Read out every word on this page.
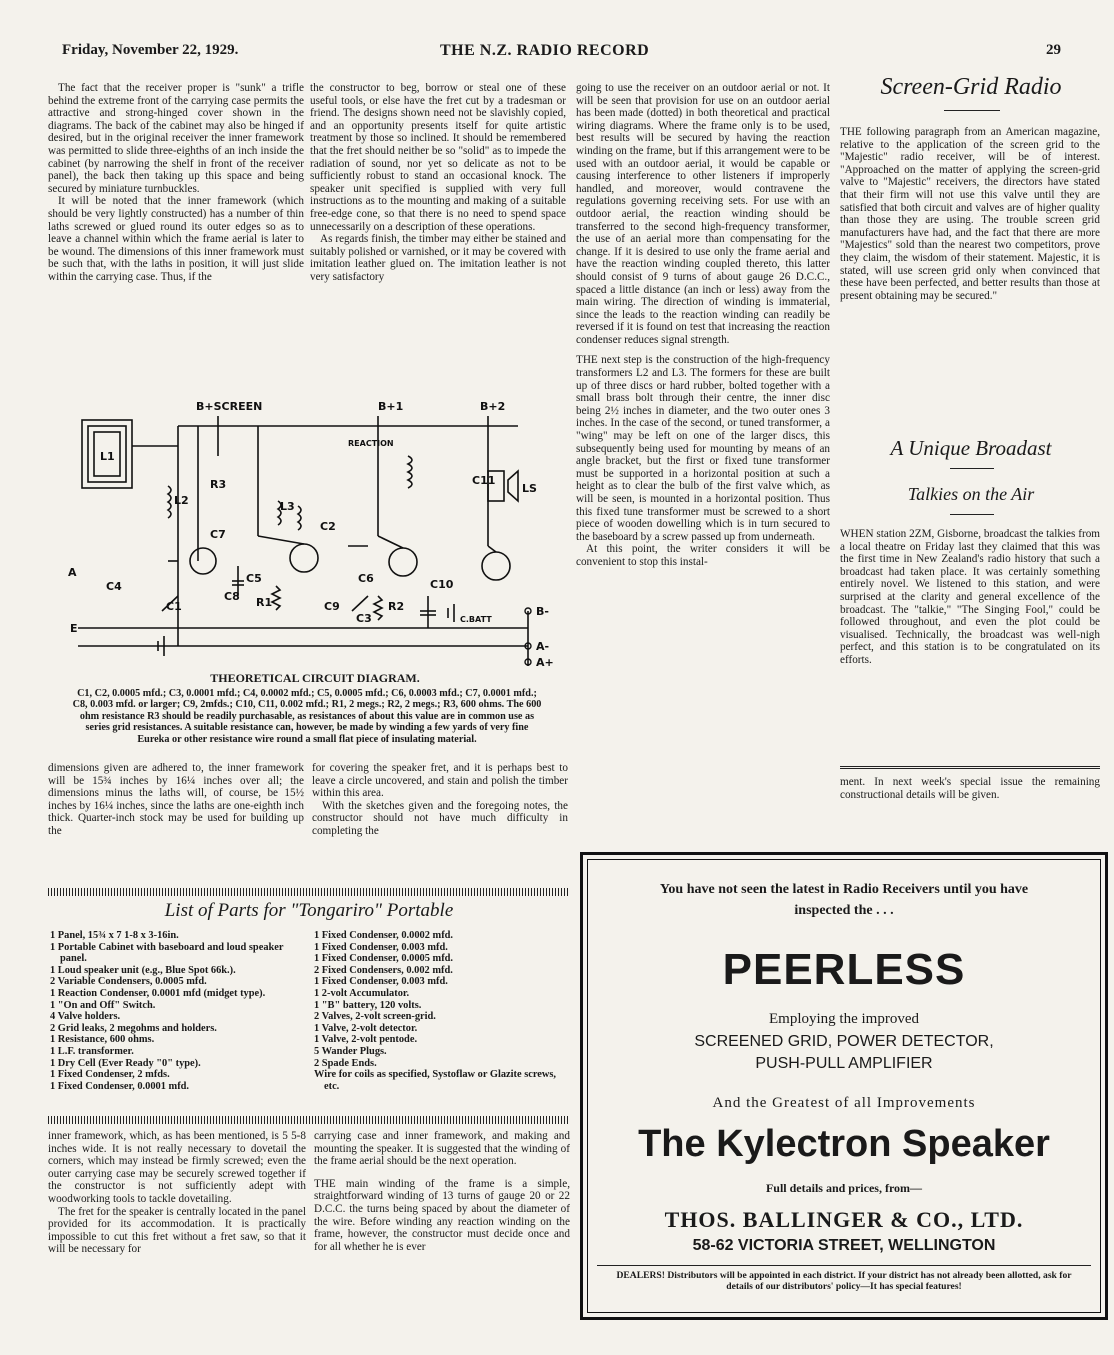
Friday, November 22, 1929.	THE N.Z. RADIO RECORD	29

The fact that the receiver proper is "sunk" a trifle behind the extreme front of the carrying case permits the attractive and strong-hinged cover shown in the diagrams. The back of the cabinet may also be hinged if desired, but in the original receiver the inner framework was permitted to slide three-eighths of an inch inside the cabinet (by narrowing the shelf in front of the receiver panel), the back then taking up this space and being secured by miniature turnbuckles.

It will be noted that the inner framework (which should be very lightly constructed) has a number of thin laths screwed or glued round its outer edges so as to leave a channel within which the frame aerial is later to be wound. The dimensions of this inner framework must be such that, with the laths in position, it will just slide within the carrying case. Thus, if the

the constructor to beg, borrow or steal one of these useful tools, or else have the fret cut by a tradesman or friend. The designs shown need not be slavishly copied, and an opportunity presents itself for quite artistic treatment by those so inclined. It should be remembered that the fret should neither be so "solid" as to impede the radiation of sound, nor yet so delicate as not to be sufficiently robust to stand an occasional knock. The speaker unit specified is supplied with very full instructions as to the mounting and making of a suitable free-edge cone, so that there is no need to spend space unnecessarily on a description of these operations.

As regards finish, the timber may either be stained and suitably polished or varnished, or it may be covered with imitation leather glued on. The imitation leather is not very satisfactory

going to use the receiver on an outdoor aerial or not. It will be seen that provision for use on an outdoor aerial has been made (dotted) in both theoretical and practical wiring diagrams. Where the frame only is to be used, best results will be secured by having the reaction winding on the frame, but if this arrangement were to be used with an outdoor aerial, it would be capable or causing interference to other listeners if improperly handled, and moreover, would contravene the regulations governing receiving sets. For use with an outdoor aerial, the reaction winding should be transferred to the second high-frequency transformer, the use of an aerial more than compensating for the change. If it is desired to use only the frame aerial and have the reaction winding coupled thereto, this latter should consist of 9 turns of about gauge 26 D.C.C., spaced a little distance (an inch or less) away from the main wiring. The direction of winding is immaterial, since the leads to the reaction winding can readily be reversed if it is found on test that increasing the reaction condenser reduces signal strength.

THE next step is the construction of the high-frequency transformers L2 and L3. The formers for these are built up of three discs or hard rubber, bolted together with a small brass bolt through their centre, the inner disc being 2½ inches in diameter, and the two outer ones 3 inches. In the case of the second, or tuned transformer, a "wing" may be left on one of the larger discs, this subsequently being used for mounting by means of an angle bracket, but the first or fixed tune transformer must be supported in a horizontal position at such a height as to clear the bulb of the first valve which, as will be seen, is mounted in a horizontal position. Thus this fixed tune transformer must be screwed to a short piece of wooden dowelling which is in turn secured to the baseboard by a screw passed up from underneath.

At this point, the writer considers it will be convenient to stop this instal-

B+SCREEN	B+1	B+2
REACTION
L1
L2	L3
R3
C7
C2
C11
LS
A
C4
C5
C8 R1
C1
C6	C10
C9
C3
R2
C.BATT
E
B-
A-
A+
THEORETICAL CIRCUIT DIAGRAM.
C1, C2, 0.0005 mfd.; C3, 0.0001 mfd.; C4, 0.0002 mfd.; C5, 0.0005 mfd.; C6, 0.0003 mfd.; C7, 0.0001 mfd.; C8, 0.003 mfd. or larger; C9, 2mfds.; C10, C11, 0.002 mfd.; R1, 2 megs.; R2, 2 megs.; R3, 600 ohms. The 600 ohm resistance R3 should be readily purchasable, as resistances of about this value are in common use as series grid resistances. A suitable resistance can, however, be made by winding a few yards of very fine Eureka or other resistance wire round a small flat piece of insulating material.

dimensions given are adhered to, the inner framework will be 15¾ inches by 16¼ inches over all; the dimensions minus the laths will, of course, be 15½ inches by 16¼ inches, since the laths are one-eighth inch thick. Quarter-inch stock may be used for building up the

for covering the speaker fret, and it is perhaps best to leave a circle uncovered, and stain and polish the timber within this area.

With the sketches given and the foregoing notes, the constructor should not have much difficulty in completing the

List of Parts for "Tongariro" Portable
1 Panel, 15¾ x 7 1-8 x 3-16in.
1 Portable Cabinet with baseboard and loud speaker panel.
1 Loud speaker unit (e.g., Blue Spot 66k.).
2 Variable Condensers, 0.0005 mfd.
1 Reaction Condenser, 0.0001 mfd (midget type).
1 "On and Off" Switch.
4 Valve holders.
2 Grid leaks, 2 megohms and holders.
1 Resistance, 600 ohms.
1 L.F. transformer.
1 Dry Cell (Ever Ready "0" type).
1 Fixed Condenser, 2 mfds.
1 Fixed Condenser, 0.0001 mfd.
1 Fixed Condenser, 0.0002 mfd.
1 Fixed Condenser, 0.003 mfd.
1 Fixed Condenser, 0.0005 mfd.
2 Fixed Condensers, 0.002 mfd.
1 Fixed Condenser, 0.003 mfd.
1 2-volt Accumulator.
1 "B" battery, 120 volts.
2 Valves, 2-volt screen-grid.
1 Valve, 2-volt detector.
1 Valve, 2-volt pentode.
5 Wander Plugs.
2 Spade Ends.
Wire for coils as specified, Systoflaw or Glazite screws, etc.

inner framework, which, as has been mentioned, is 5 5-8 inches wide. It is not really necessary to dovetail the corners, which may instead be firmly screwed; even the outer carrying case may be securely screwed together if the constructor is not sufficiently adept with woodworking tools to tackle dovetailing.

The fret for the speaker is centrally located in the panel provided for its accommodation. It is practically impossible to cut this fret without a fret saw, so that it will be necessary for

carrying case and inner framework, and making and mounting the speaker. It is suggested that the winding of the frame aerial should be the next operation.

THE main winding of the frame is a simple, straightforward winding of 13 turns of gauge 20 or 22 D.C.C. the turns being spaced by about the diameter of the wire. Before winding any reaction winding on the frame, however, the constructor must decide once and for all whether he is ever

Screen-Grid Radio

THE following paragraph from an American magazine, relative to the application of the screen grid to the "Majestic" radio receiver, will be of interest. "Approached on the matter of applying the screen-grid valve to "Majestic" receivers, the directors have stated that their firm will not use this valve until they are satisfied that both circuit and valves are of higher quality than those they are using. The trouble screen grid manufacturers have had, and the fact that there are more "Majestics" sold than the nearest two competitors, prove they claim, the wisdom of their statement. Majestic, it is stated, will use screen grid only when convinced that these have been perfected, and better results than those at present obtaining may be secured."

A Unique Broadast
Talkies on the Air

WHEN station 2ZM, Gisborne, broadcast the talkies from a local theatre on Friday last they claimed that this was the first time in New Zealand's radio history that such a broadcast had taken place. It was certainly something entirely novel. We listened to this station, and were surprised at the clarity and general excellence of the broadcast. The "talkie," "The Singing Fool," could be followed throughout, and even the plot could be visualised. Technically, the broadcast was well-nigh perfect, and this station is to be congratulated on its efforts.

ment. In next week's special issue the remaining constructional details will be given.

You have not seen the latest in Radio Receivers until you have inspected the . . .
PEERLESS
Employing the improved
SCREENED GRID, POWER DETECTOR,
PUSH-PULL AMPLIFIER
And the Greatest of all Improvements
The Kylectron Speaker
Full details and prices, from—
THOS. BALLINGER & CO., LTD.
58-62 VICTORIA STREET, WELLINGTON
DEALERS! Distributors will be appointed in each district. If your district has not already been allotted, ask for details of our distributors' policy—It has special features!
